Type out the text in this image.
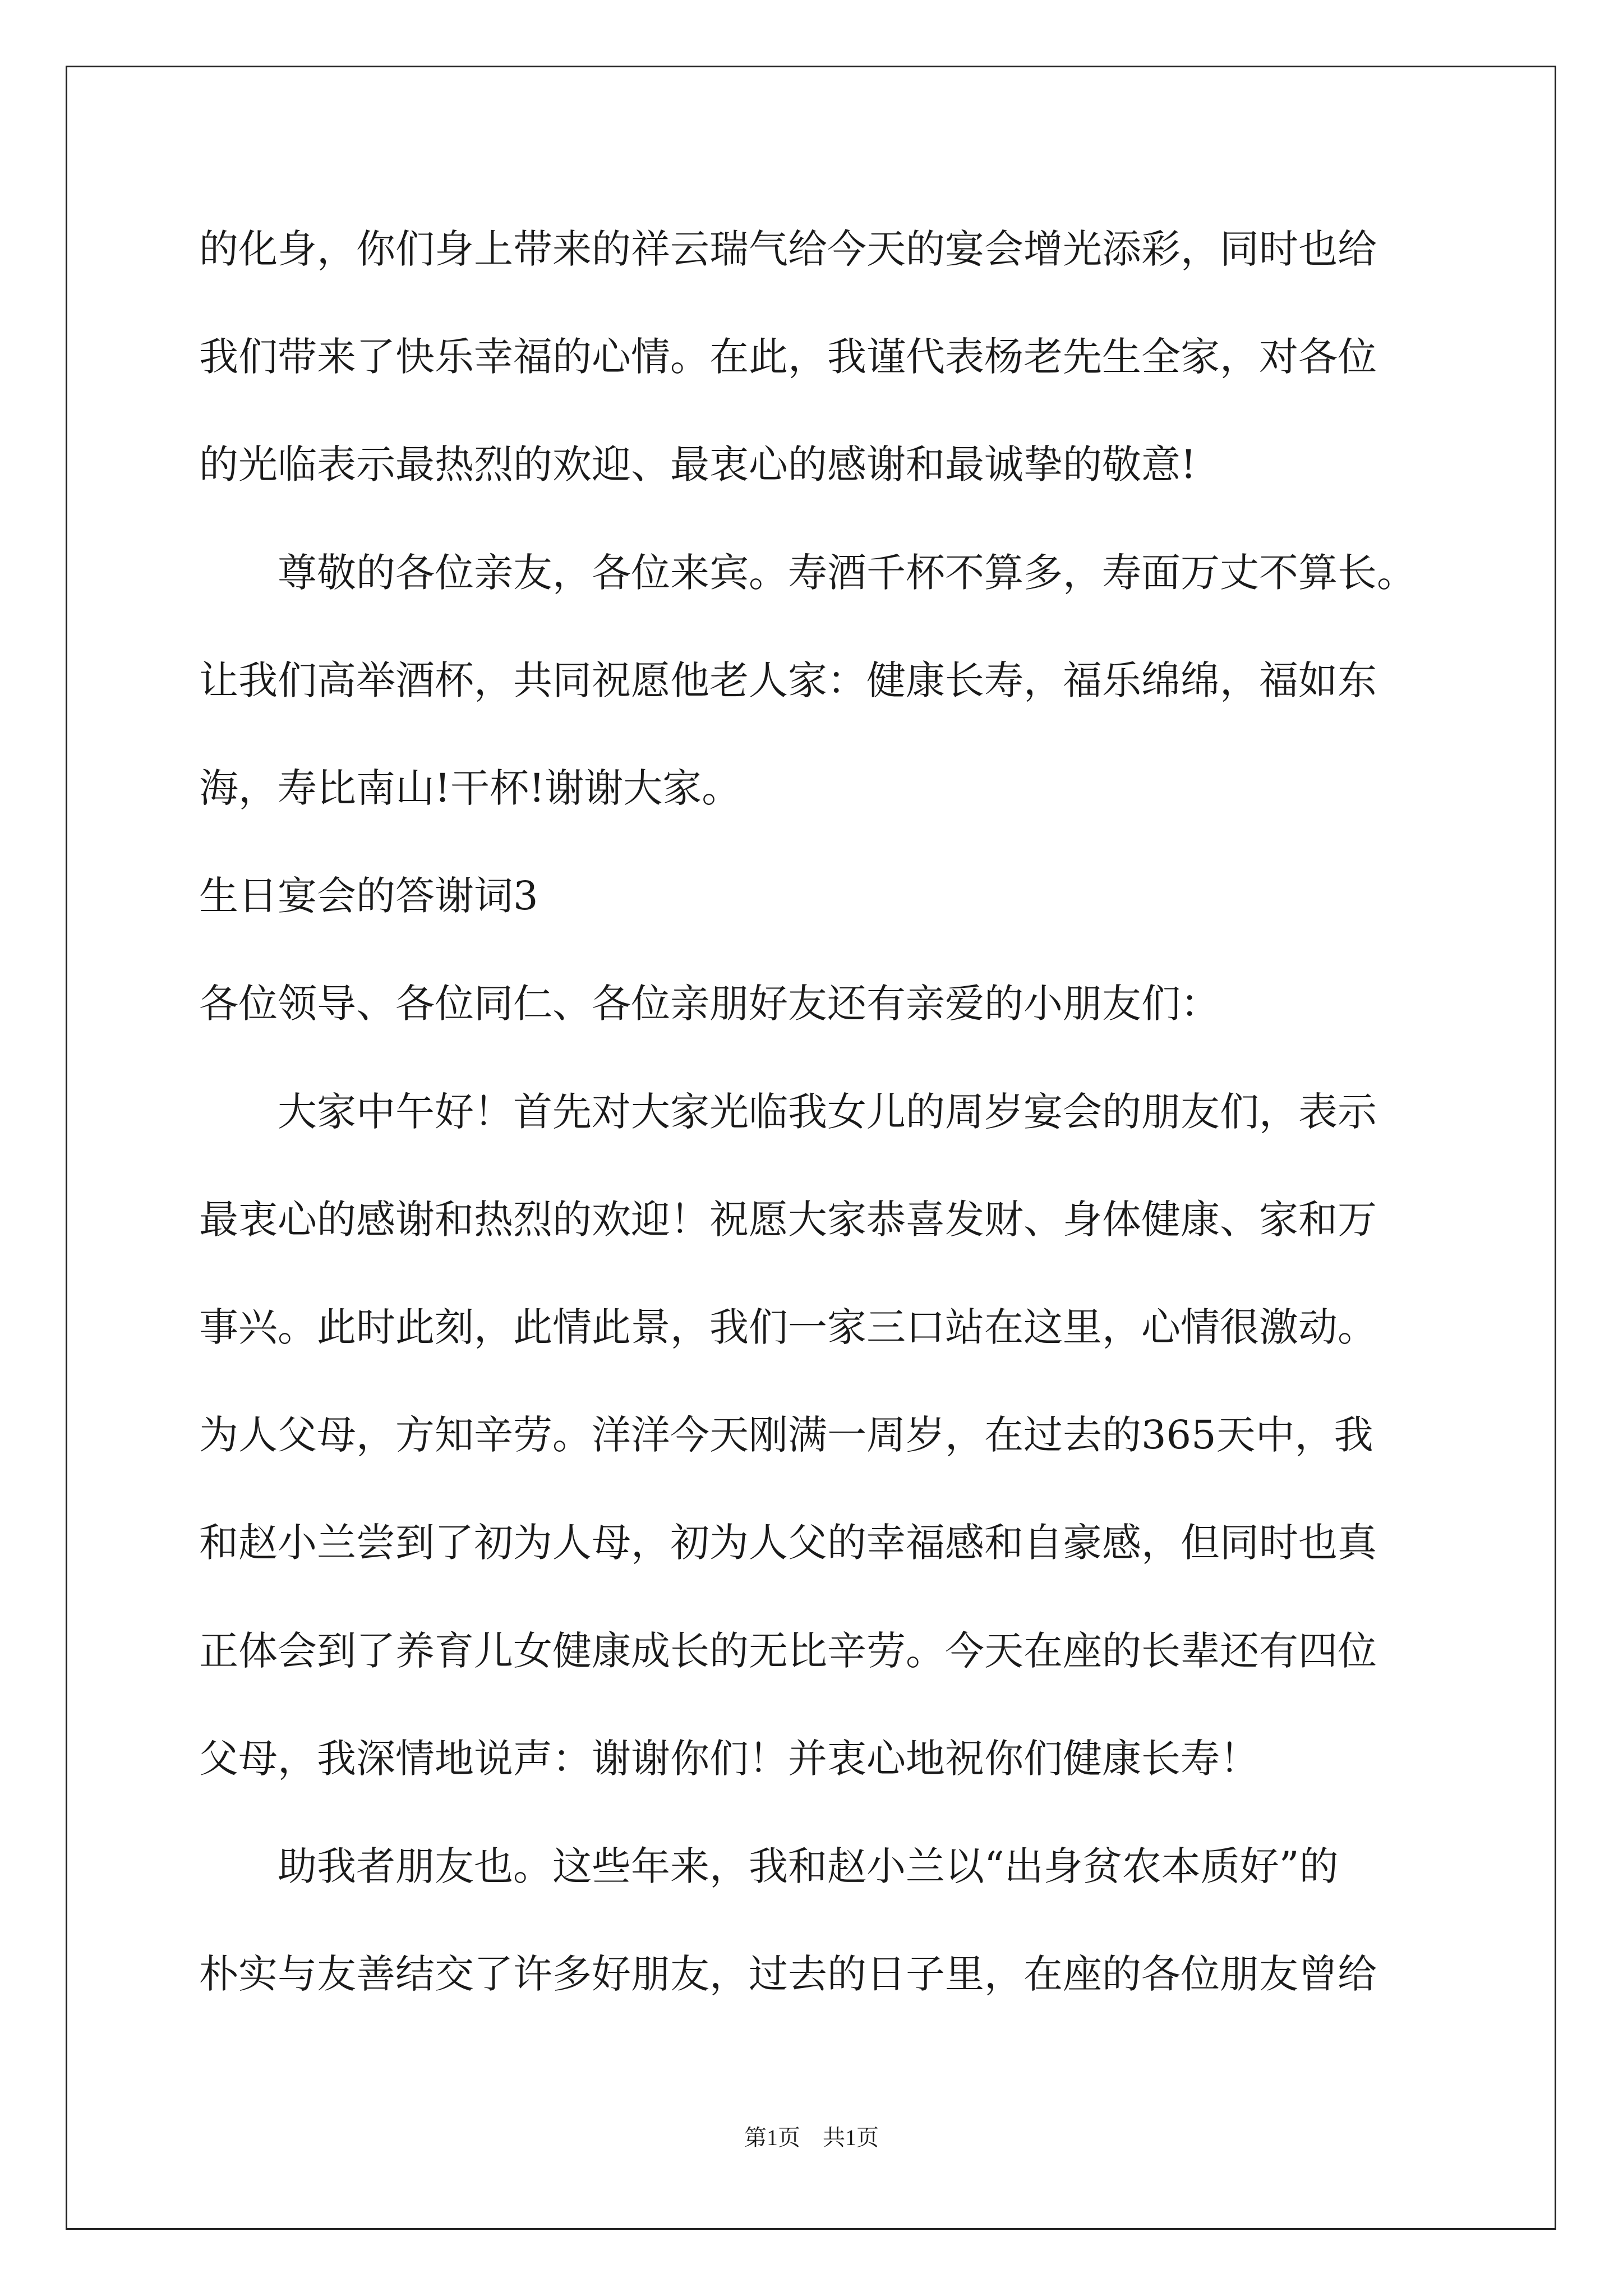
的化身，你们身上带来的祥云瑞气给今天的宴会增光添彩，同时也给

我们带来了快乐幸福的心情。在此，我谨代表杨老先生全家，对各位

的光临表示最热烈的欢迎、最衷心的感谢和最诚挚的敬意!

　　尊敬的各位亲友，各位来宾。寿酒千杯不算多，寿面万丈不算长。

让我们高举酒杯，共同祝愿他老人家：健康长寿，福乐绵绵，福如东

海，寿比南山!干杯!谢谢大家。

生日宴会的答谢词3

各位领导、各位同仁、各位亲朋好友还有亲爱的小朋友们：

　　大家中午好！首先对大家光临我女儿的周岁宴会的朋友们，表示

最衷心的感谢和热烈的欢迎！祝愿大家恭喜发财、身体健康、家和万

事兴。此时此刻，此情此景，我们一家三口站在这里，心情很激动。

为人父母，方知辛劳。洋洋今天刚满一周岁，在过去的365天中，我

和赵小兰尝到了初为人母，初为人父的幸福感和自豪感，但同时也真

正体会到了养育儿女健康成长的无比辛劳。今天在座的长辈还有四位

父母，我深情地说声：谢谢你们！并衷心地祝你们健康长寿！

　　助我者朋友也。这些年来，我和赵小兰以“出身贫农本质好”的

朴实与友善结交了许多好朋友，过去的日子里，在座的各位朋友曾给

第1页　共1页
